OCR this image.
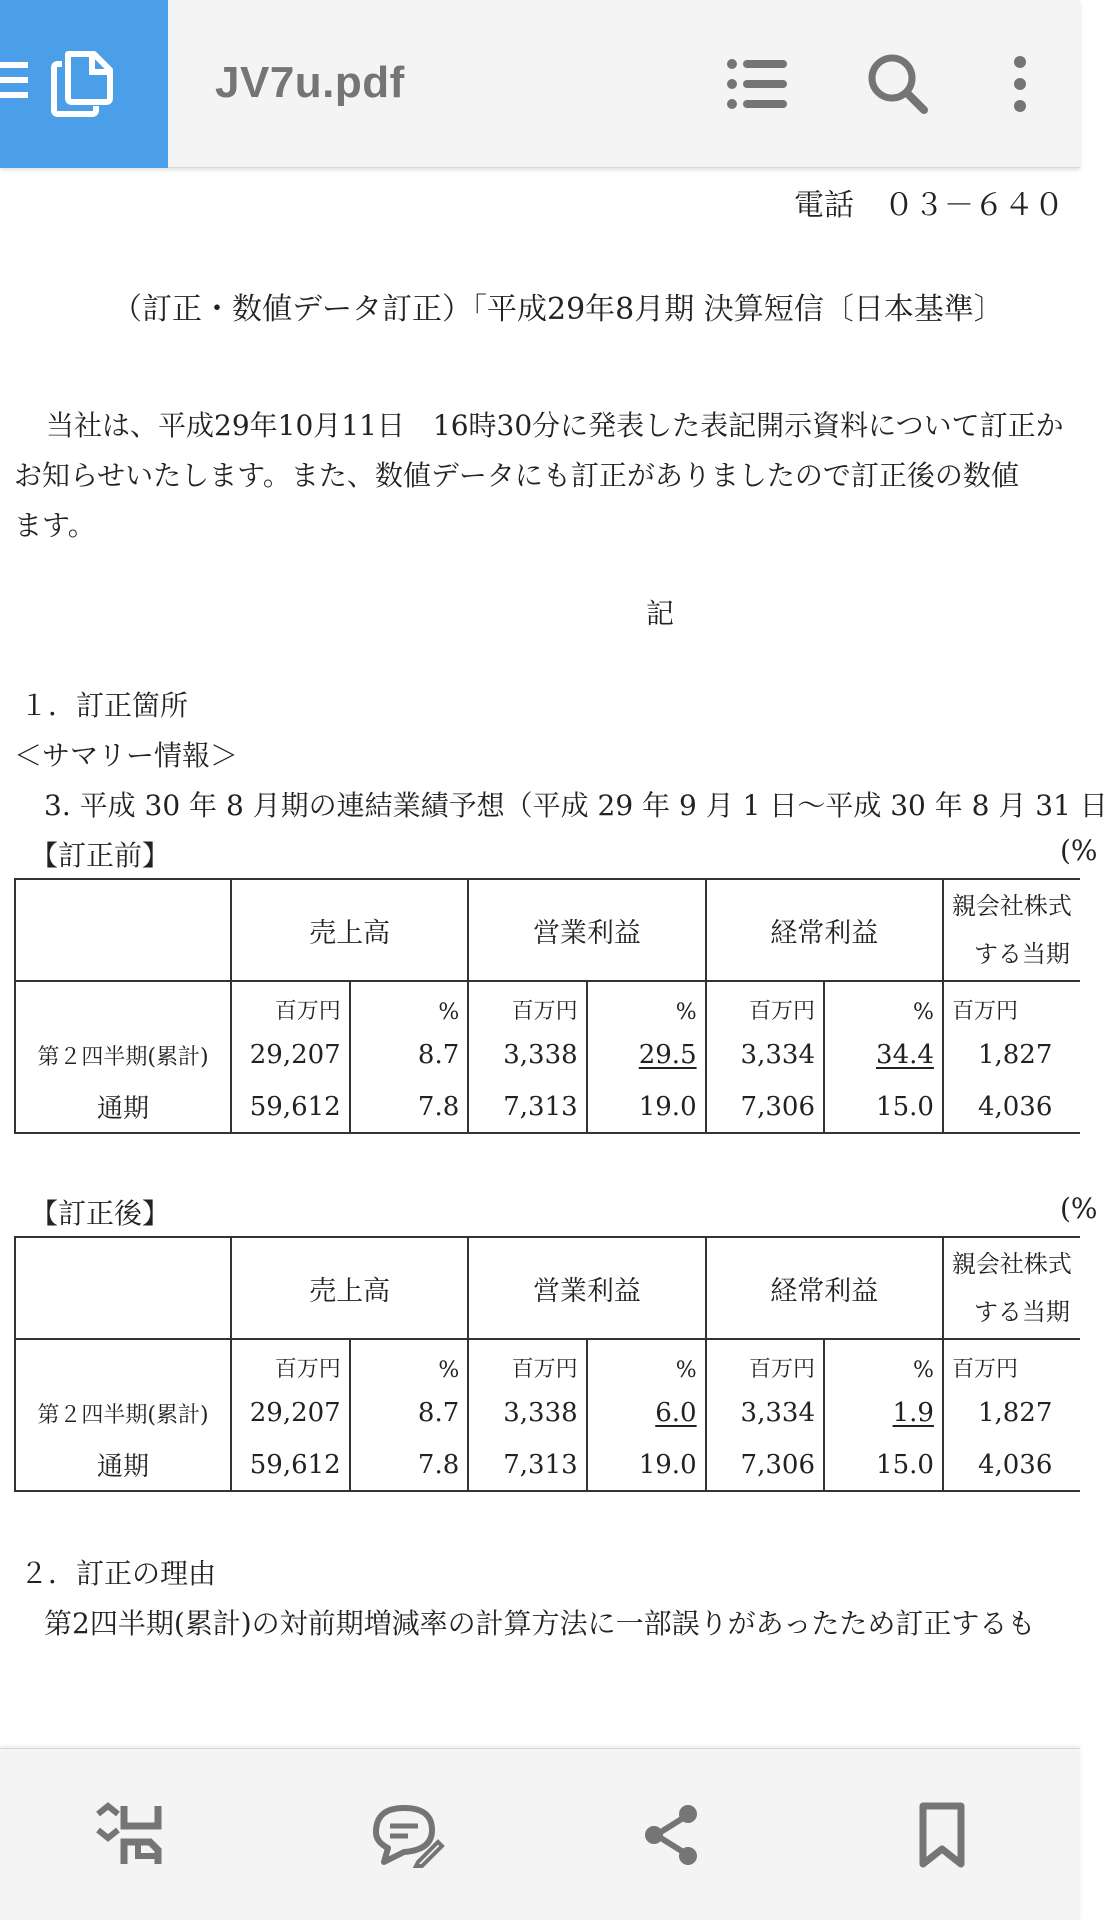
JV7u.pdf
電話　０３－６４０
（訂正・数値データ訂正）「平成29年8月期 決算短信〔日本基準〕
当社は、平成29年10月11日　16時30分に発表した表記開示資料について訂正か
お知らせいたします。また、数値データにも訂正がありましたので訂正後の数値
ます。
記
１．訂正箇所
＜サマリー情報＞
3. 平成 30 年 8 月期の連結業績予想（平成 29 年 9 月 1 日～平成 30 年 8 月 31 日
【訂正前】	(%
	売上高		営業利益		経常利益		親会社株式
する当期

	百万円	%	百万円	%	百万円	%	百万円
第２四半期(累計)	29,207	8.7	3,338	29.5	3,334	34.4	1,827
通期	59,612	7.8	7,313	19.0	7,306	15.0	4,036
【訂正後】	(%
	売上高		営業利益		経常利益		親会社株式
する当期

	百万円	%	百万円	%	百万円	%	百万円
第２四半期(累計)	29,207	8.7	3,338	6.0	3,334	1.9	1,827
通期	59,612	7.8	7,313	19.0	7,306	15.0	4,036
２．訂正の理由
第2四半期(累計)の対前期増減率の計算方法に一部誤りがあったため訂正するも
